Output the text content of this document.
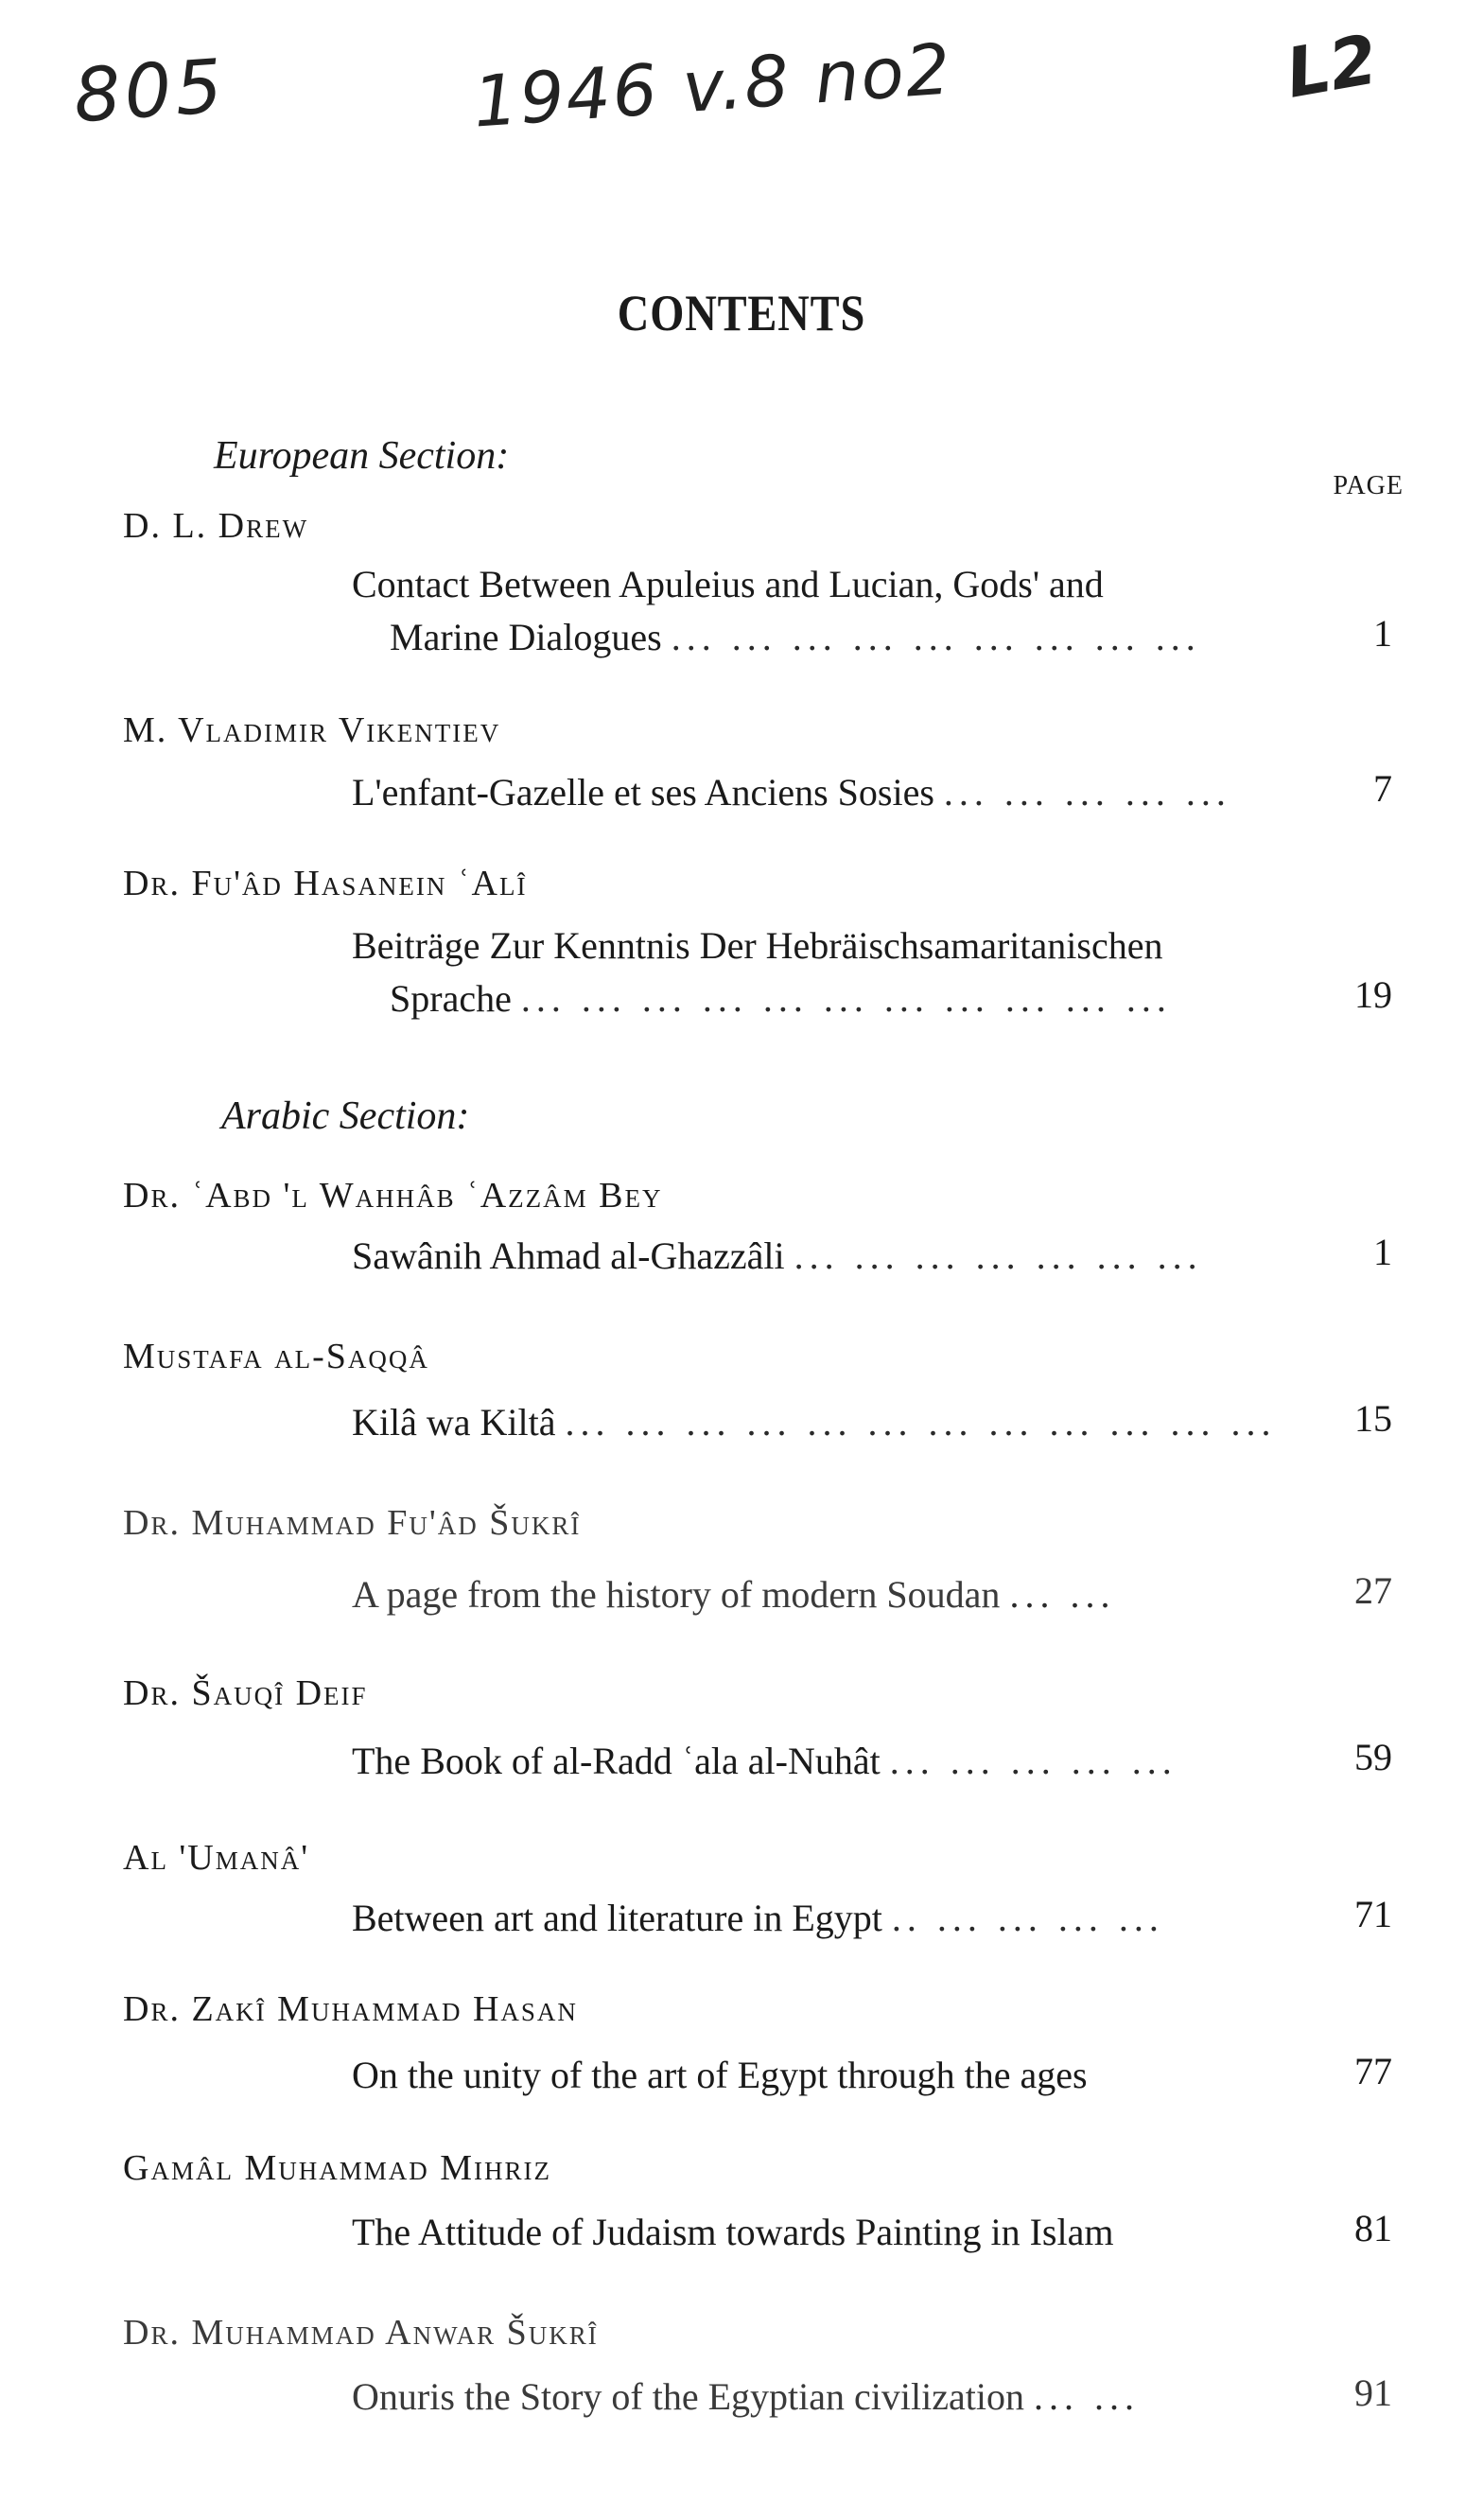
805	1946 v.8 no2	L2
CONTENTS
European Section:
PAGE
D. L. Drew
Contact Between Apuleius and Lucian, Gods' and
Marine Dialogues ... ... ... ... ... ... ... ... ...	1
M. Vladimir Vikentiev
L'enfant-Gazelle et ses Anciens Sosies ... ... ... ... ...	7
Dr. Fu'âd Hasanein ʿAlî
Beiträge Zur Kenntnis Der Hebräischsamaritanischen
Sprache ... ... ... ... ... ... ... ... ... ... ...	19
Arabic Section:
Dr. ʿAbd 'l Wahhâb ʿAzzâm Bey
Sawânih Ahmad al-Ghazzâli ... ... ... ... ... ... ...	1
Mustafa al-Saqqâ
Kilâ wa Kiltâ ... ... ... ... ... ... ... ... ... ... ... ...	15
Dr. Muhammad Fu'âd Šukrî
A page from the history of modern Soudan ... ...	27
Dr. Šauqî Deif
The Book of al-Radd ʿala al-Nuhât ... ... ... ... ...	59
Al 'Umanâ'
Between art and literature in Egypt .. ... ... ... ...	71
Dr. Zakî Muhammad Hasan
On the unity of the art of Egypt through the ages	77
Gamâl Muhammad Mihriz
The Attitude of Judaism towards Painting in Islam	81
Dr. Muhammad Anwar Šukrî
Onuris the Story of the Egyptian civilization ... ...	91
